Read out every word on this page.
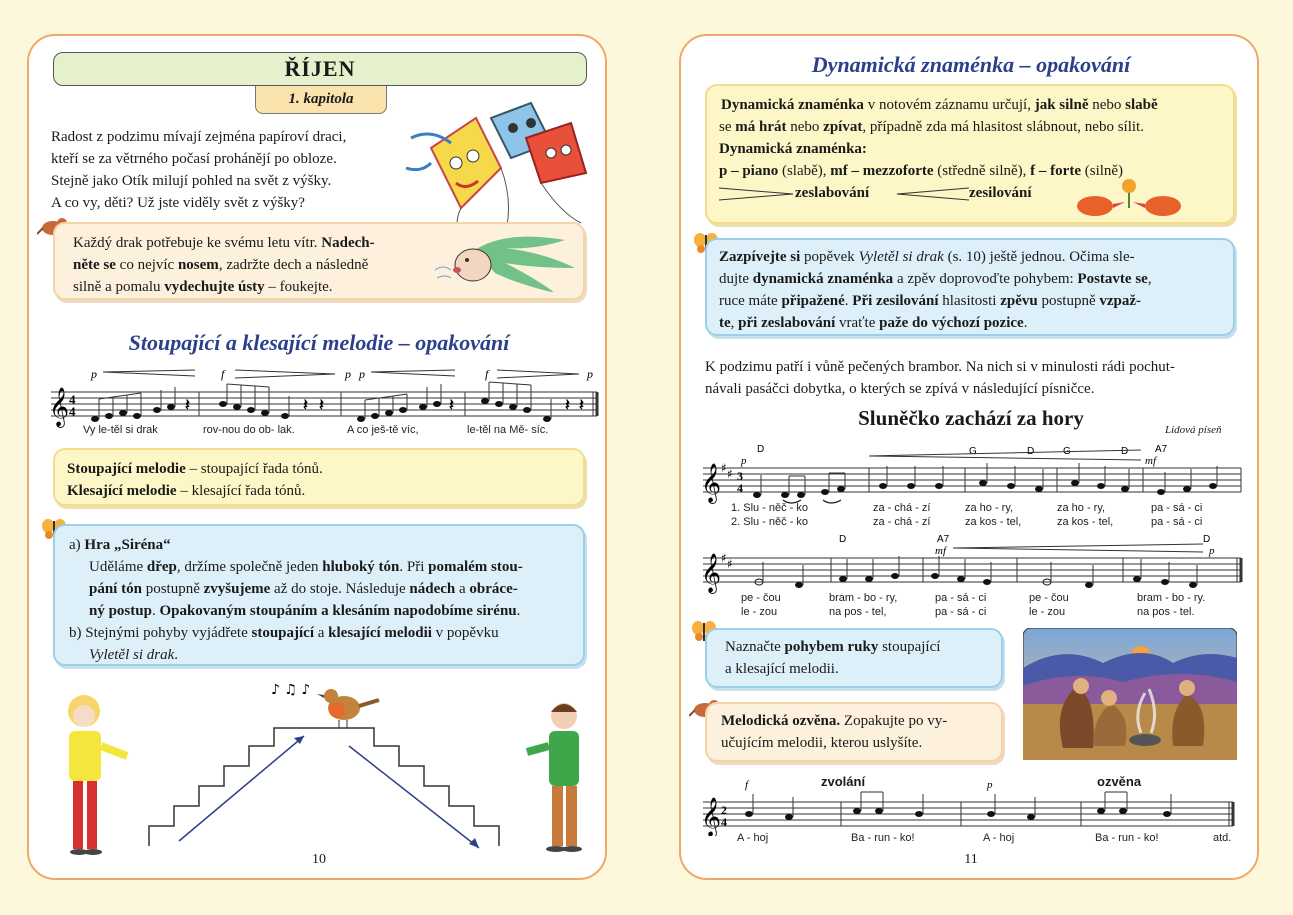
ŘÍJEN
1. kapitola
Radost z podzimu mívají zejména papíroví draci,
kteří se za větrného počasí prohánějí po obloze.
Stejně jako Otík milují pohled na svět z výšky.
A co vy, děti? Už jste viděly svět z výšky?
Každý drak potřebuje ke svému letu vítr. Nadech-
něte se co nejvíc nosem, zadržte dech a následně
silně a pomalu vydechujte ústy – foukejte.
Stoupající a klesající melodie – opakování
𝄞 4
4	𝄽	𝄽 𝄽	𝄽	𝄽 𝄽
p	f	p p	f	p
Vy le-těl si drak	rov-nou do ob- lak.	A co ješ-tě víc,	le-těl na Mě- síc.
Stoupající melodie – stoupající řada tónů.
Klesající melodie – klesající řada tónů.
a) Hra „Siréna“
Uděláme dřep, držíme společně jeden hluboký tón. Při pomalém stou-
pání tón postupně zvyšujeme až do stoje. Následuje nádech a obráce-
ný postup. Opakovaným stoupáním a klesáním napodobíme sirénu.
b) Stejnými pohyby vyjádřete stoupající a klesající melodii v popěvku
Vyletěl si drak.
♪ ♫ ♪
10
Dynamická znaménka – opakování
Dynamická znaménka v notovém záznamu určují, jak silně nebo slabě
se má hrát nebo zpívat, případně zda má hlasitost slábnout, nebo sílit.
Dynamická znaménka:
p – piano (slabě), mf – mezzoforte (středně silně), f – forte (silně)
zeslabování	zesilování
Zazpívejte si popěvek Vyletěl si drak (s. 10) ještě jednou. Očima sle-
dujte dynamická znaménka a zpěv doprovoďte pohybem: Postavte se,
ruce máte připažené. Při zesilování hlasitosti zpěvu postupně vzpaž-
te, při zeslabování vraťte paže do výchozí pozice.
K podzimu patří i vůně pečených brambor. Na nich si v minulosti rádi pochut-
návali pasáčci dobytka, o kterých se zpívá v následující písničce.
Sluněčko zachází za hory	Lidová píseň
𝄞 ♯ ♯ 3
4
D	G	D	D	A7
p	mf
1. Slu - něč - ko	za - chá - zí	za ho - ry,	za ho - ry,	pa - sá - ci
2. Slu - něč - ko	za - chá - zí	za kos - tel,	za kos - tel,	pa - sá - ci
𝄞 ♯ ♯
D	A7	D
mf	p
pe - čou	bram - bo - ry,	pa - sá - ci	pe - čou	bram - bo - ry.
le - zou	na pos - tel,	pa - sá - ci	le - zou	na pos - tel.
Naznačte pohybem ruky stoupající
a klesající melodii.
Melodická ozvěna. Zopakujte po vy-
učujícím melodii, kterou uslyšíte.
zvolání	ozvěna
𝄞 2
4
f	p
A - hoj	Ba - run - ko!	A - hoj	Ba - run - ko!	atd.
11
